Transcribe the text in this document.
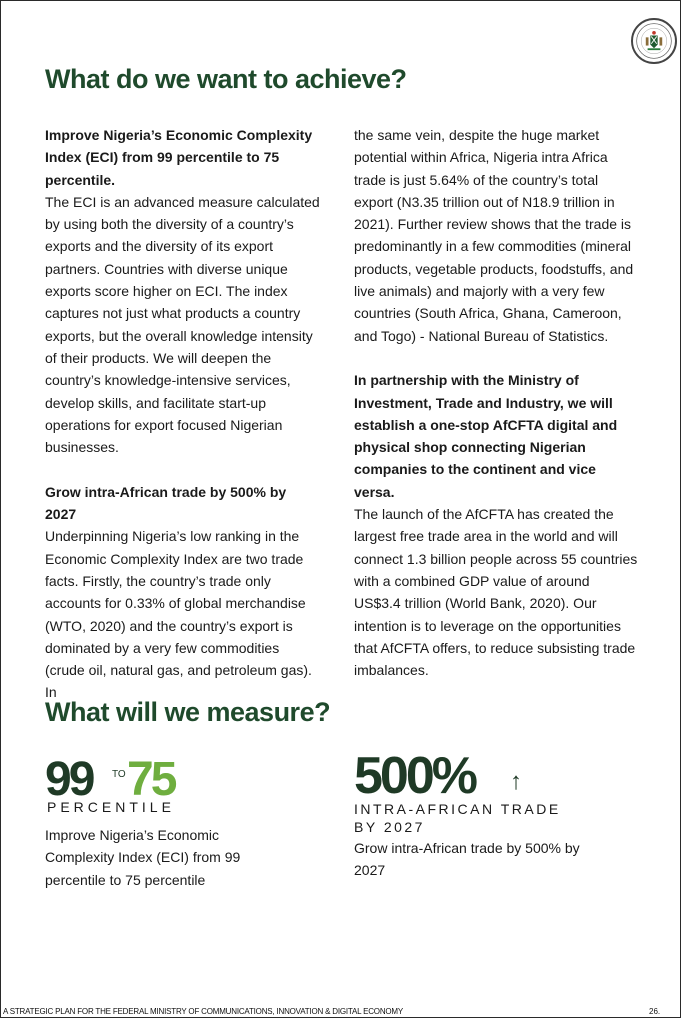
What do we want to achieve?

Improve Nigeria’s Economic Complexity Index (ECI) from 99 percentile to 75 percentile.

The ECI is an advanced measure calculated by using both the diversity of a country’s exports and the diversity of its export partners. Countries with diverse unique exports score higher on ECI. The index captures not just what products a country exports, but the overall knowledge intensity of their products. We will deepen the country’s knowledge-intensive services, develop skills, and facilitate start-up operations for export focused Nigerian businesses.

Grow intra-African trade by 500% by 2027

Underpinning Nigeria’s low ranking in the Economic Complexity Index are two trade facts. Firstly, the country’s trade only accounts for 0.33% of global merchandise (WTO, 2020) and the country’s export is dominated by a very few commodities (crude oil, natural gas, and petroleum gas). In

the same vein, despite the huge market potential within Africa, Nigeria intra Africa trade is just 5.64% of the country’s total export (N3.35 trillion out of N18.9 trillion in 2021). Further review shows that the trade is predominantly in a few commodities (mineral products, vegetable products, foodstuffs, and live animals) and majorly with a very few countries (South Africa, Ghana, Cameroon, and Togo) - National Bureau of Statistics.

In partnership with the Ministry of Investment, Trade and Industry, we will establish a one-stop AfCFTA digital and physical shop connecting Nigerian companies to the continent and vice versa.

The launch of the AfCFTA has created the largest free trade area in the world and will connect 1.3 billion people across 55 countries with a combined GDP value of around US$3.4 trillion (World Bank, 2020). Our intention is to leverage on the opportunities that AfCFTA offers, to reduce subsisting trade imbalances.

What will we measure?
99 TO 75
PERCENTILE
Improve Nigeria’s Economic Complexity Index (ECI) from 99 percentile to 75 percentile
500% ↑
INTRA-AFRICAN TRADE BY 2027
Grow intra-African trade by 500% by 2027
A STRATEGIC PLAN FOR THE FEDERAL MINISTRY OF COMMUNICATIONS, INNOVATION & DIGITAL ECONOMY	26.
